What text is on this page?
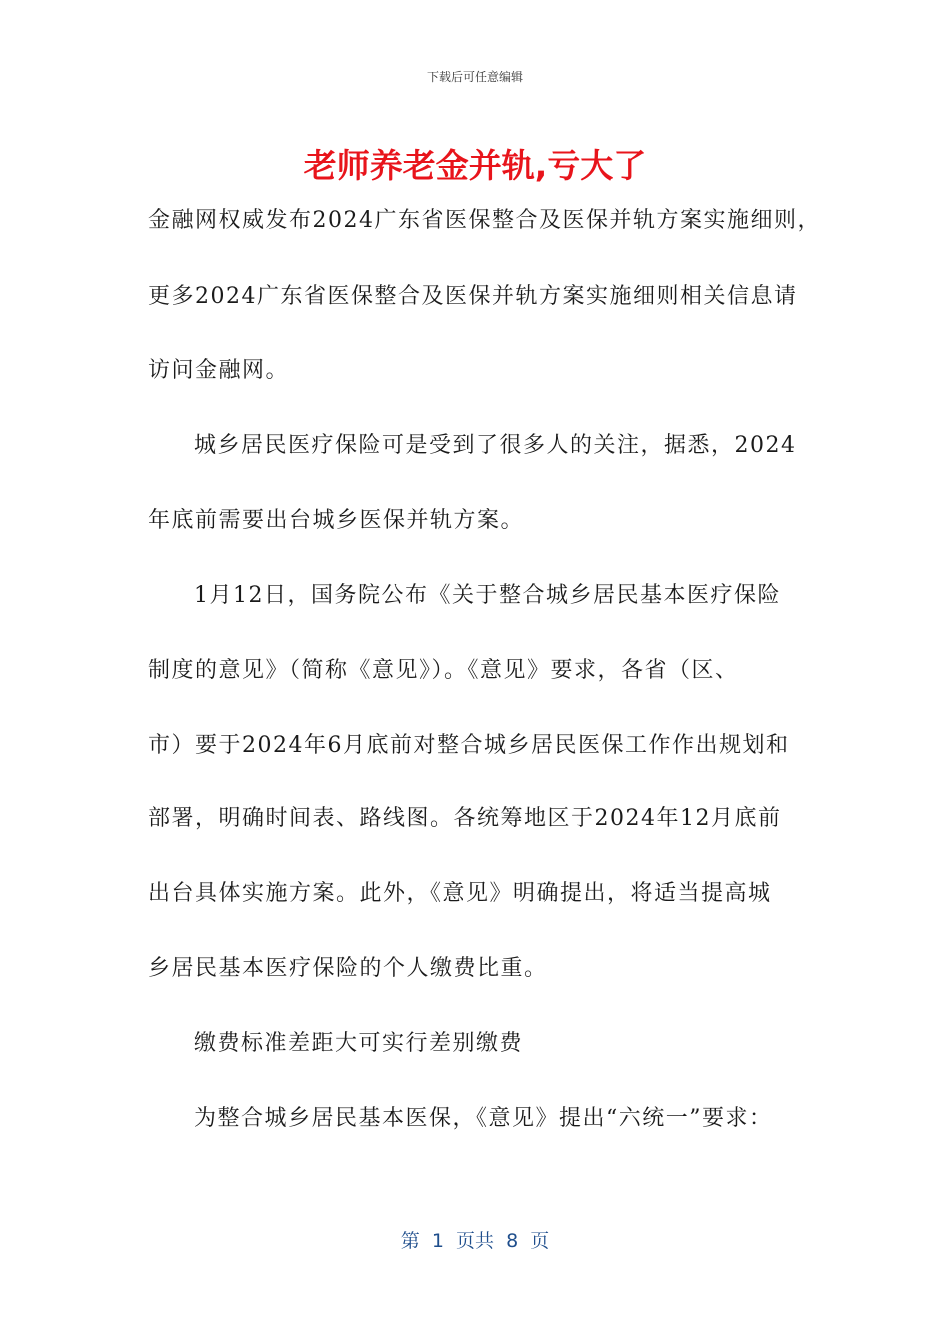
下载后可任意编辑
老师养老金并轨,亏大了
金融网权威发布2024广东省医保整合及医保并轨方案实施细则，
更多2024广东省医保整合及医保并轨方案实施细则相关信息请
访问金融网。
城乡居民医疗保险可是受到了很多人的关注，据悉，2024
年底前需要出台城乡医保并轨方案。
1月12日，国务院公布《关于整合城乡居民基本医疗保险
制度的意见》（简称《意见》）。《意见》要求，各省（区、
市）要于2024年6月底前对整合城乡居民医保工作作出规划和
部署，明确时间表、路线图。各统筹地区于2024年12月底前
出台具体实施方案。此外，《意见》明确提出，将适当提高城
乡居民基本医疗保险的个人缴费比重。
缴费标准差距大可实行差别缴费
为整合城乡居民基本医保，《意见》提出“六统一”要求：
第  1  页共  8  页
